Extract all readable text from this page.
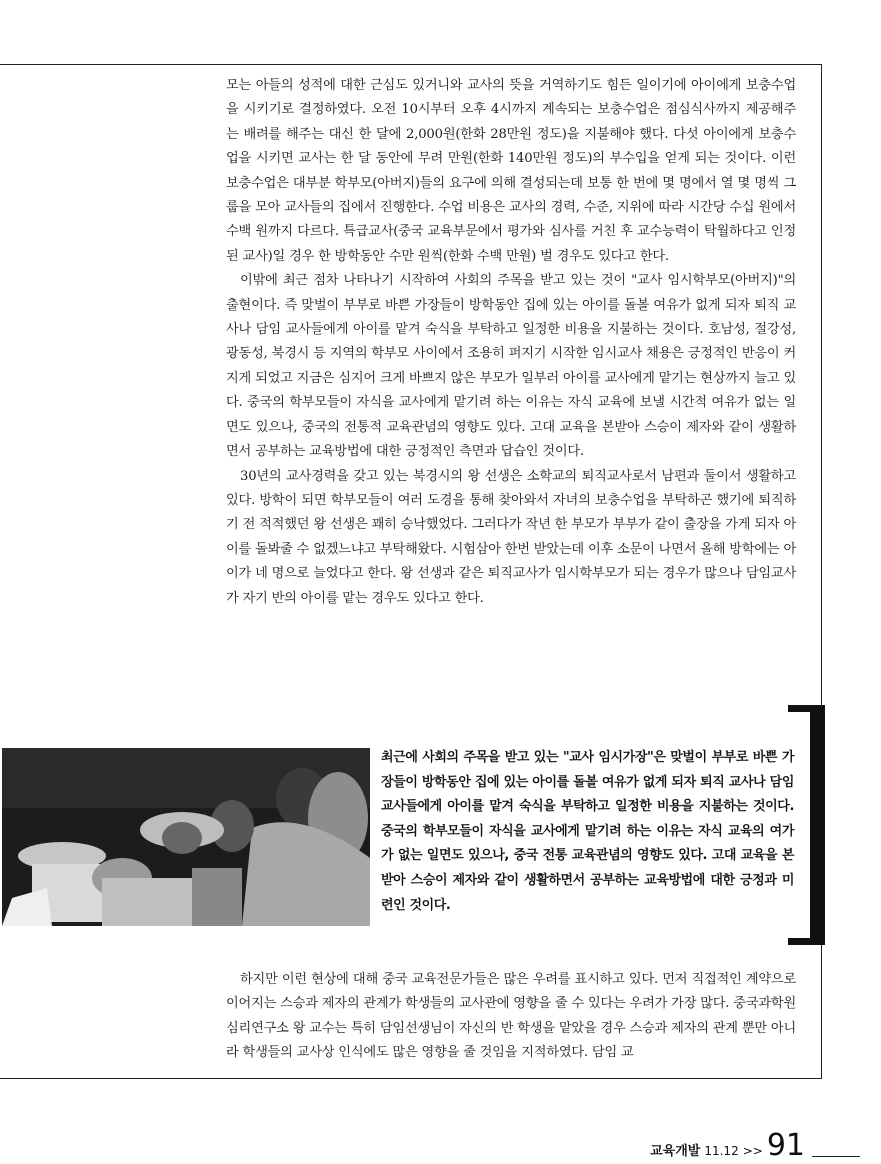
모는 아들의 성적에 대한 근심도 있거니와 교사의 뜻을 거역하기도 힘든 일이기에 아이에게 보충수업을 시키기로 결정하였다. 오전 10시부터 오후 4시까지 계속되는 보충수업은 점심식사까지 제공해주는 배려를 해주는 대신 한 달에 2,000원(한화 28만원 정도)을 지불해야 했다. 다섯 아이에게 보충수업을 시키면 교사는 한 달 동안에 무려 만원(한화 140만원 정도)의 부수입을 얻게 되는 것이다. 이런 보충수업은 대부분 학부모(아버지)들의 요구에 의해 결성되는데 보통 한 번에 몇 명에서 열 몇 명씩 그룹을 모아 교사들의 집에서 진행한다. 수업 비용은 교사의 경력, 수준, 지위에 따라 시간당 수십 원에서 수백 원까지 다르다. 특급교사(중국 교육부문에서 평가와 심사를 거친 후 교수능력이 탁월하다고 인정된 교사)일 경우 한 방학동안 수만 원씩(한화 수백 만원) 벌 경우도 있다고 한다.

이밖에 최근 점차 나타나기 시작하여 사회의 주목을 받고 있는 것이 "교사 임시학부모(아버지)"의 출현이다. 즉 맞벌이 부부로 바쁜 가장들이 방학동안 집에 있는 아이를 돌볼 여유가 없게 되자 퇴직 교사나 담임 교사들에게 아이를 맡겨 숙식을 부탁하고 일정한 비용을 지불하는 것이다. 호남성, 절강성, 광동성, 북경시 등 지역의 학부모 사이에서 조용히 퍼지기 시작한 임시교사 채용은 긍정적인 반응이 커지게 되었고 지금은 심지어 크게 바쁘지 않은 부모가 일부러 아이를 교사에게 맡기는 현상까지 늘고 있다. 중국의 학부모들이 자식을 교사에게 맡기려 하는 이유는 자식 교육에 보낼 시간적 여유가 없는 일면도 있으나, 중국의 전통적 교육관념의 영향도 있다. 고대 교육을 본받아 스승이 제자와 같이 생활하면서 공부하는 교육방법에 대한 긍정적인 측면과 답습인 것이다.

30년의 교사경력을 갖고 있는 북경시의 왕 선생은 소학교의 퇴직교사로서 남편과 둘이서 생활하고 있다. 방학이 되면 학부모들이 여러 도경을 통해 찾아와서 자녀의 보충수업을 부탁하곤 했기에 퇴직하기 전 적적했던 왕 선생은 꽤히 승낙했었다. 그러다가 작년 한 부모가 부부가 같이 출장을 가게 되자 아이를 돌봐줄 수 없겠느냐고 부탁해왔다. 시험삼아 한번 받았는데 이후 소문이 나면서 올해 방학에는 아이가 네 명으로 늘었다고 한다. 왕 선생과 같은 퇴직교사가 임시학부모가 되는 경우가 많으나 담임교사가 자기 반의 아이를 맡는 경우도 있다고 한다.

최근에 사회의 주목을 받고 있는 "교사 임시가장"은 맞벌이 부부로 바쁜 가장들이 방학동안 집에 있는 아이를 돌볼 여유가 없게 되자 퇴직 교사나 담임 교사들에게 아이를 맡겨 숙식을 부탁하고 일정한 비용을 지불하는 것이다. 중국의 학부모들이 자식을 교사에게 맡기려 하는 이유는 자식 교육의 여가가 없는 일면도 있으나, 중국 전통 교육관념의 영향도 있다. 고대 교육을 본받아 스승이 제자와 같이 생활하면서 공부하는 교육방법에 대한 긍정과 미련인 것이다.

하지만 이런 현상에 대해 중국 교육전문가들은 많은 우려를 표시하고 있다. 먼저 직접적인 계약으로 이어지는 스승과 제자의 관계가 학생들의 교사관에 영향을 줄 수 있다는 우려가 가장 많다. 중국과학원 심리연구소 왕 교수는 특히 담임선생님이 자신의 반 학생을 맡았을 경우 스승과 제자의 관계 뿐만 아니라 학생들의 교사상 인식에도 많은 영향을 줄 것임을 지적하였다. 담임 교

교육개발 11.12 >> 91
